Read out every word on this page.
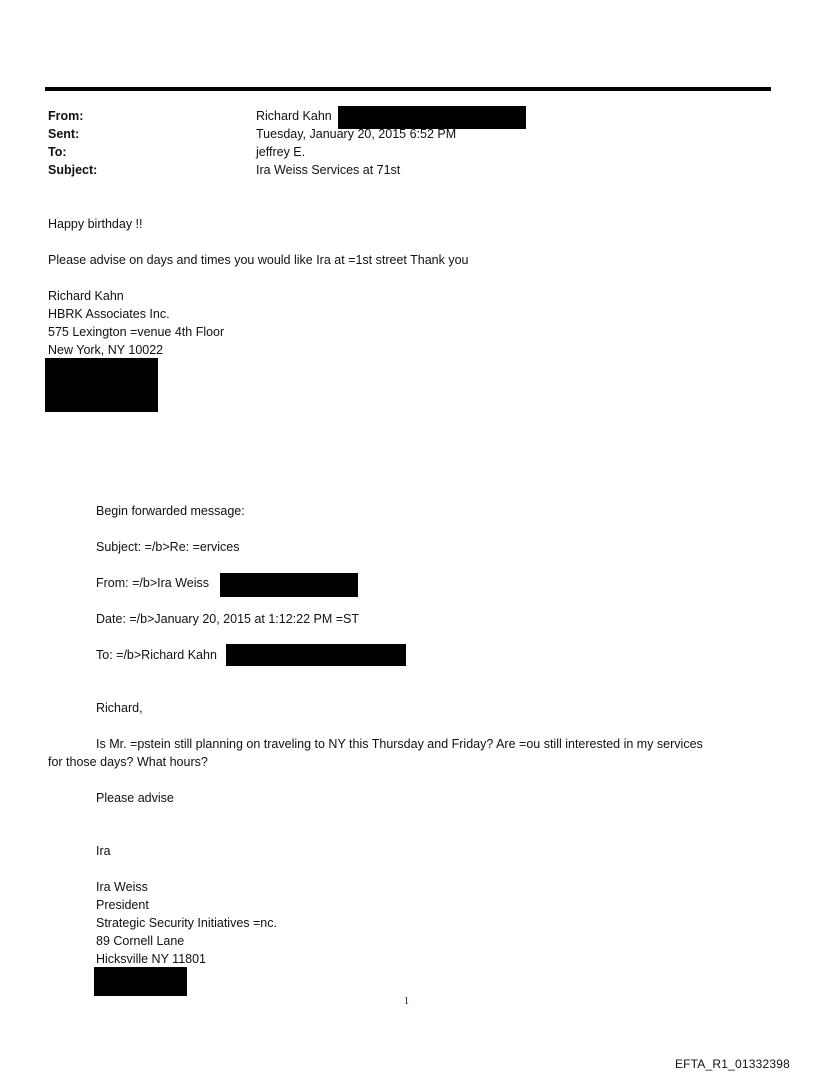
From:	Richard Kahn
Sent:	Tuesday, January 20, 2015 6:52 PM
To:	jeffrey E.
Subject:	Ira Weiss Services at 71st
Happy birthday !!
Please advise on days and times you would like Ira at =1st street Thank you
Richard Kahn
HBRK Associates Inc.
575 Lexington =venue 4th Floor
New York, NY 10022
Begin forwarded message:
Subject: =/b>Re: =ervices
From: =/b>Ira Weiss
Date: =/b>January 20, 2015 at 1:12:22 PM =ST
To: =/b>Richard Kahn
Richard,
Is Mr. =pstein still planning on traveling to NY this Thursday and Friday? Are =ou still interested in my services
for those days? What hours?
Please advise
Ira
Ira Weiss
President
Strategic Security Initiatives =nc.
89 Cornell Lane
Hicksville NY 11801
1
EFTA_R1_01332398
